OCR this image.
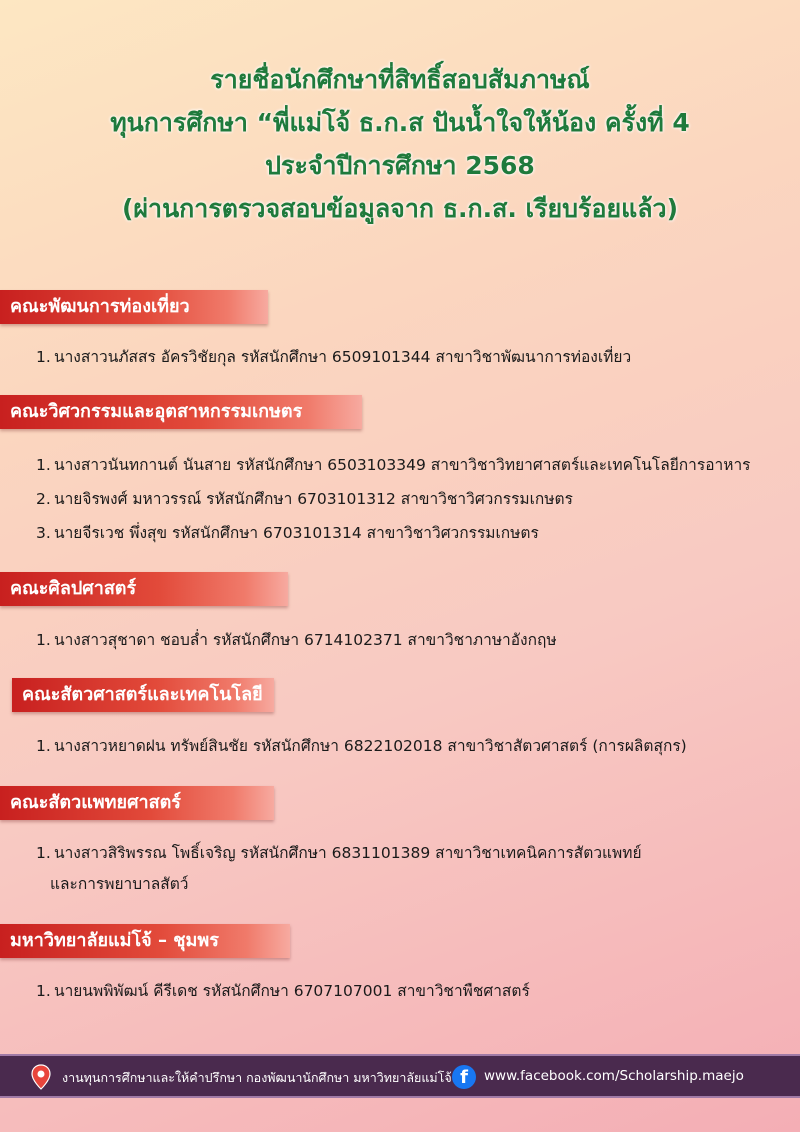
รายชื่อนักศึกษาที่สิทธิ์สอบสัมภาษณ์
ทุนการศึกษา “พี่แม่โจ้ ธ.ก.ส ปันน้ำใจให้น้อง ครั้งที่ 4
ประจำปีการศึกษา 2568
(ผ่านการตรวจสอบข้อมูลจาก ธ.ก.ส. เรียบร้อยแล้ว)
คณะพัฒนการท่องเที่ยว
1. นางสาวนภัสสร อัครวิชัยกุล รหัสนักศึกษา 6509101344 สาขาวิชาพัฒนาการท่องเที่ยว
คณะวิศวกรรมและอุตสาหกรรมเกษตร
1. นางสาวนันทกานต์ นันสาย รหัสนักศึกษา 6503103349 สาขาวิชาวิทยาศาสตร์และเทคโนโลยีการอาหาร
2. นายจิรพงศ์ มหาวรรณ์ รหัสนักศึกษา 6703101312 สาขาวิชาวิศวกรรมเกษตร
3. นายจีรเวช พึ่งสุข รหัสนักศึกษา 6703101314 สาขาวิชาวิศวกรรมเกษตร
คณะศิลปศาสตร์
1. นางสาวสุชาดา ชอบล่ำ รหัสนักศึกษา 6714102371 สาขาวิชาภาษาอังกฤษ
คณะสัตวศาสตร์และเทคโนโลยี
1. นางสาวหยาดฝน ทรัพย์สินชัย รหัสนักศึกษา 6822102018 สาขาวิชาสัตวศาสตร์ (การผลิตสุกร)
คณะสัตวแพทยศาสตร์
1. นางสาวสิริพรรณ โพธิ์เจริญ รหัสนักศึกษา 6831101389 สาขาวิชาเทคนิคการสัตวแพทย์
และการพยาบาลสัตว์
มหาวิทยาลัยแม่โจ้ – ชุมพร
1. นายนพพิพัฒน์ คีรีเดช รหัสนักศึกษา 6707107001 สาขาวิชาพืชศาสตร์
งานทุนการศึกษาและให้คำปรึกษา กองพัฒนานักศึกษา มหาวิทยาลัยแม่โจ้ f	www.facebook.com/Scholarship.maejo
